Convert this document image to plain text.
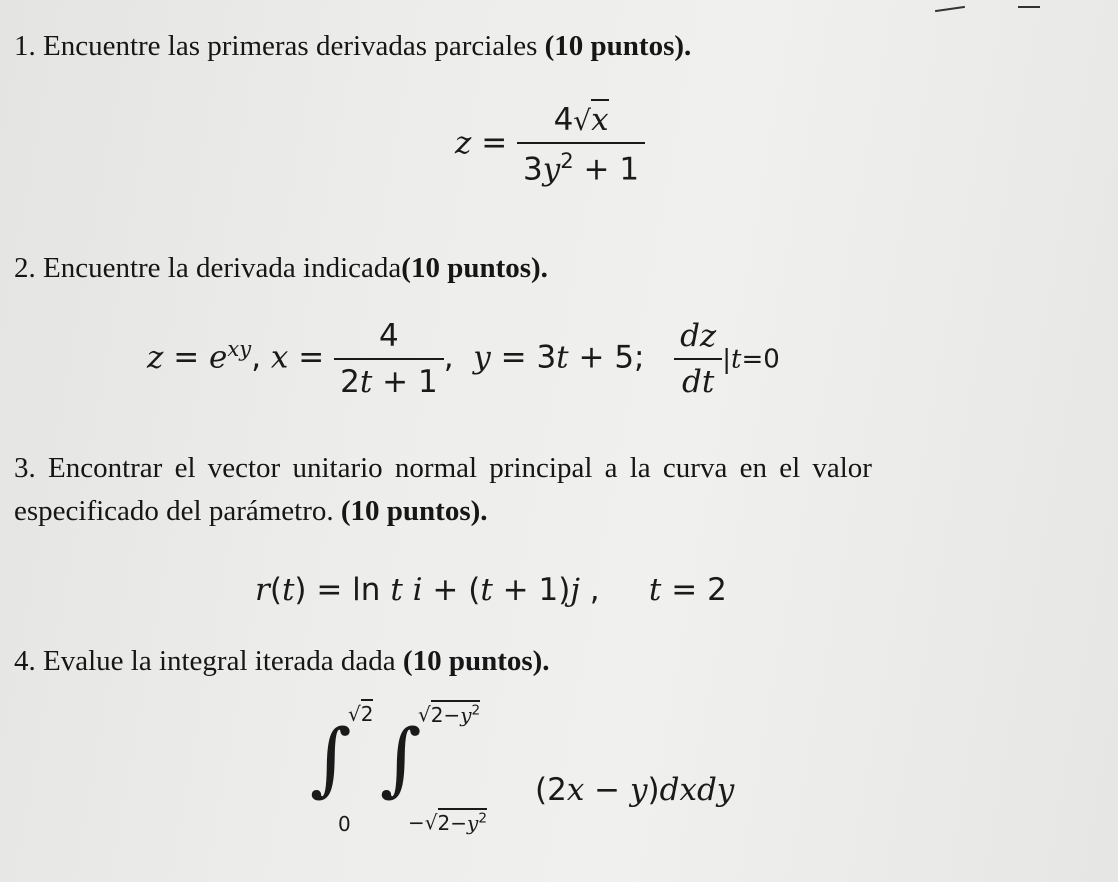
1. Encuentre las primeras derivadas parciales (10 puntos).
$z = \frac{4√x}{3y^2 + 1}$
2. Encuentre la derivada indicada(10 puntos).
$z = e^{xy}$, $x = \frac{4}{2t + 1}$ ,  y = 3t + 5; $\frac{dz}{dt} |t=0$
3. Encontrar el vector unitario normal principal a la curva en el valor
especificado del parámetro. (10 puntos).
r(t) = ln t i + (t + 1)j ,     t = 2
4. Evalue la integral iterada dada (10 puntos).
∫
√2
0
∫
$√2-y^2$
$-√2-y^2$
(2x − y)dxdy
